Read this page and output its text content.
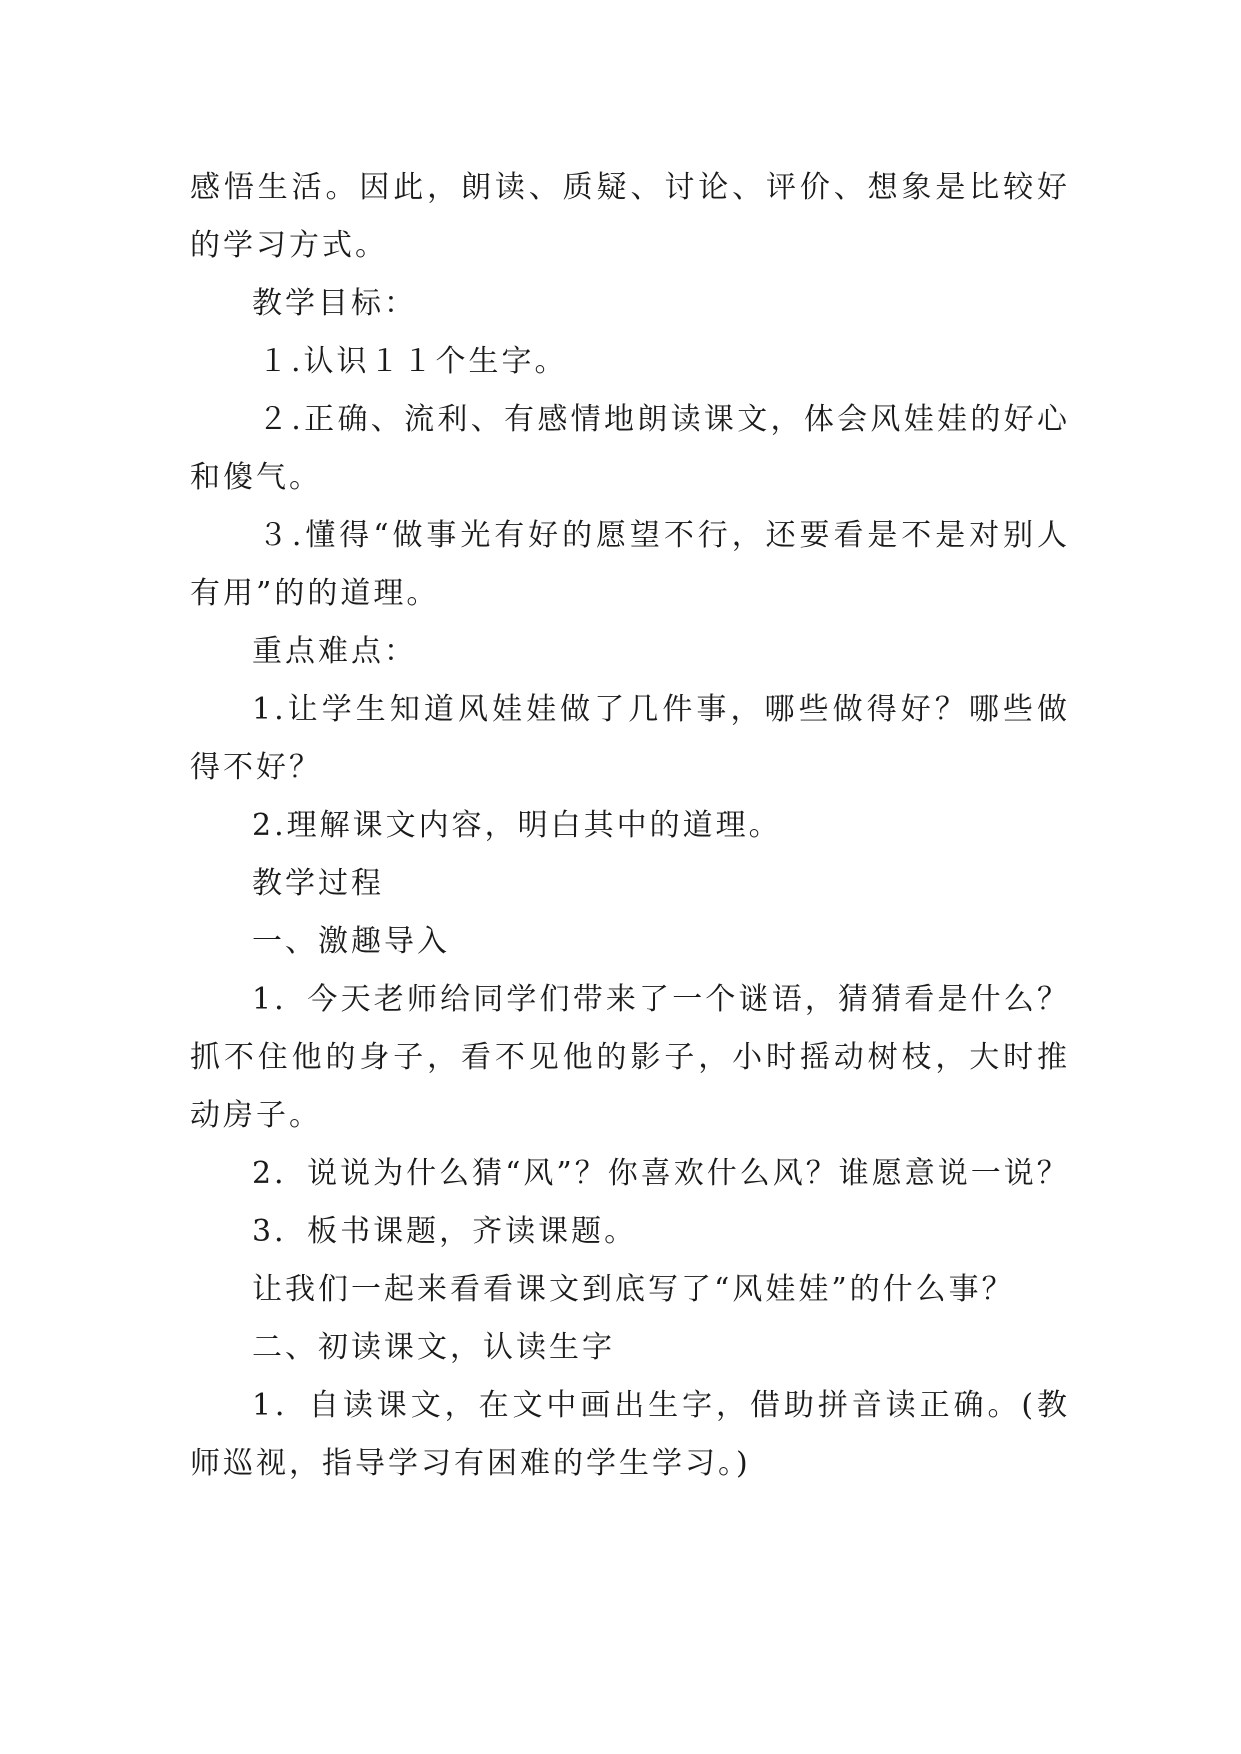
感悟生活。因此，朗读、质疑、讨论、评价、想象是比较好的学习方式。

教学目标：

１.认识１１个生字。

２.正确、流利、有感情地朗读课文，体会风娃娃的好心和傻气。

３.懂得“做事光有好的愿望不行，还要看是不是对别人有用”的的道理。

重点难点：

1.让学生知道风娃娃做了几件事，哪些做得好？哪些做得不好？

2.理解课文内容，明白其中的道理。

教学过程

一、激趣导入

1．今天老师给同学们带来了一个谜语，猜猜看是什么？抓不住他的身子，看不见他的影子，小时摇动树枝，大时推动房子。

2．说说为什么猜“风”？你喜欢什么风？谁愿意说一说？

3．板书课题，齐读课题。

让我们一起来看看课文到底写了“风娃娃”的什么事？

二、初读课文，认读生字

1．自读课文，在文中画出生字，借助拼音读正确。(教师巡视，指导学习有困难的学生学习。)
